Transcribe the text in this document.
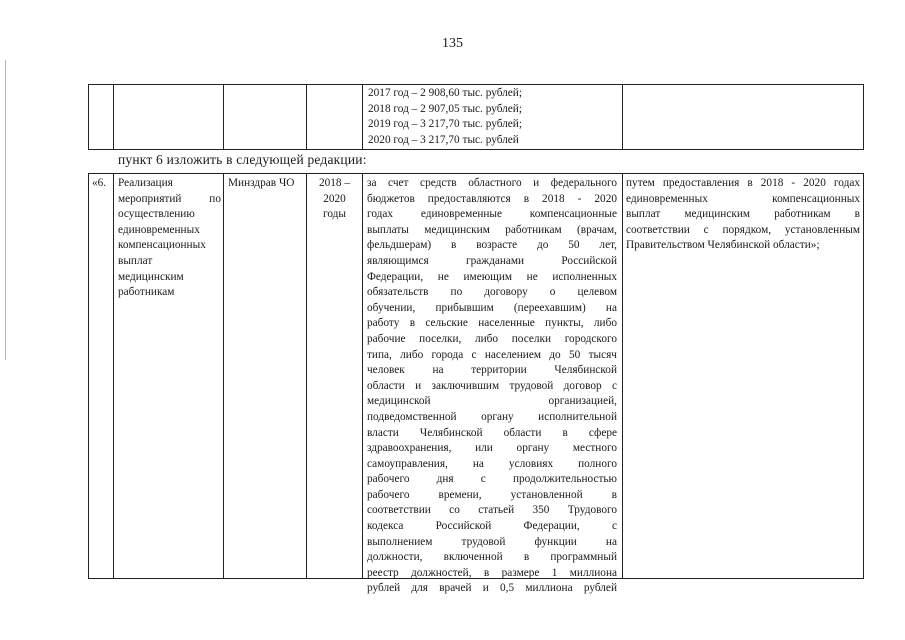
135
2017 год – 2 908,60 тыс. рублей;
2018 год – 2 907,05 тыс. рублей;
2019 год – 3 217,70 тыс. рублей;
2020 год – 3 217,70 тыс. рублей
пункт 6 изложить в следующей редакции:
«6. Реализация
мероприятий по
осуществлению
единовременных
компенсационных
выплат
медицинским
работникам
Минздрав ЧО	2018 –
2020
годы
за счет средств областного и федерального
бюджетов предоставляются в 2018 - 2020
годах единовременные компенсационные
выплаты медицинским работникам (врачам,
фельдшерам) в возрасте до 50 лет,
являющимся гражданами Российской
Федерации, не имеющим не исполненных
обязательств по договору о целевом
обучении, прибывшим (переехавшим) на
работу в сельские населенные пункты, либо
рабочие поселки, либо поселки городского
типа, либо города с населением до 50 тысяч
человек на территории Челябинской
области и заключившим трудовой договор с
медицинской организацией,
подведомственной органу исполнительной
власти Челябинской области в сфере
здравоохранения, или органу местного
самоуправления, на условиях полного
рабочего дня с продолжительностью
рабочего времени, установленной в
соответствии со статьей 350 Трудового
кодекса Российской Федерации, с
выполнением трудовой функции на
должности, включенной в программный
реестр должностей, в размере 1 миллиона
рублей для врачей и 0,5 миллиона рублей
путем предоставления в 2018 - 2020 годах
единовременных компенсационных
выплат медицинским работникам в
соответствии с порядком, установленным
Правительством Челябинской области»;
